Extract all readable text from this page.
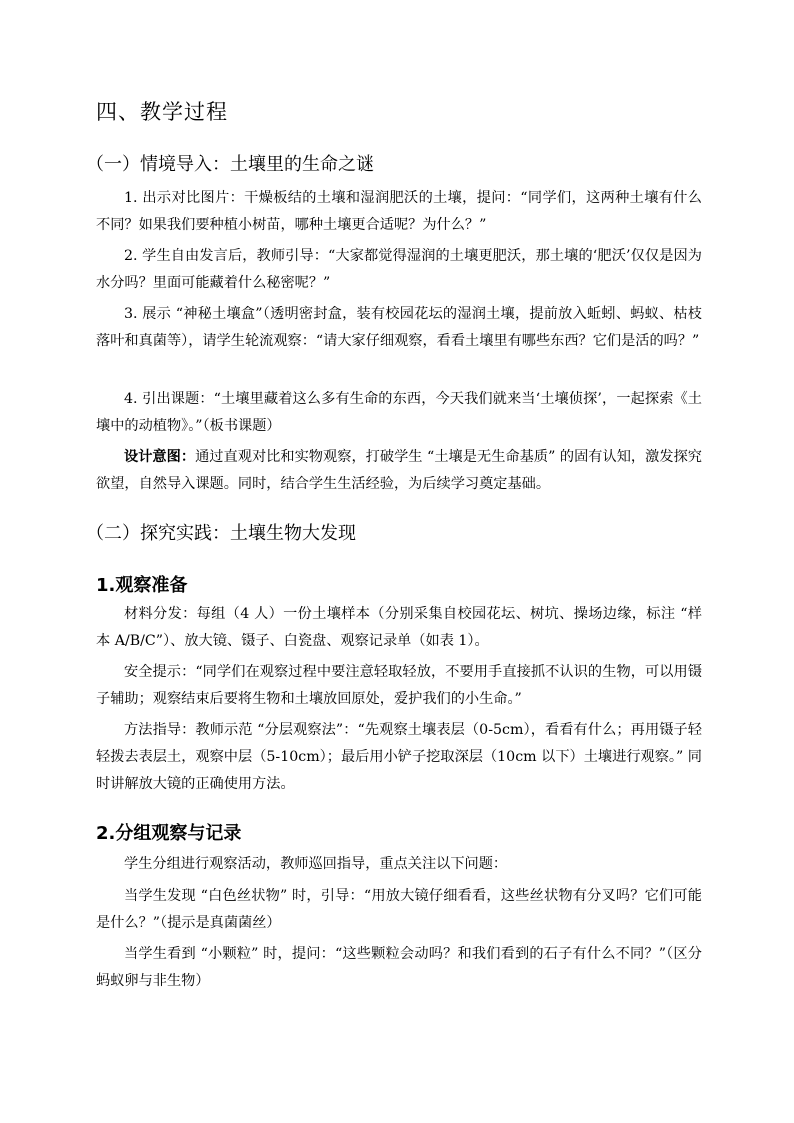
四、教学过程
（一）情境导入：土壤里的生命之谜

1. 出示对比图片：干燥板结的土壤和湿润肥沃的土壤，提问：“同学们，这两种土壤有什么不同？如果我们要种植小树苗，哪种土壤更合适呢？为什么？”

2. 学生自由发言后，教师引导：“大家都觉得湿润的土壤更肥沃，那土壤的‘肥沃’仅仅是因为水分吗？里面可能藏着什么秘密呢？”

3. 展示 “神秘土壤盒”（透明密封盒，装有校园花坛的湿润土壤，提前放入蚯蚓、蚂蚁、枯枝落叶和真菌等），请学生轮流观察：“请大家仔细观察，看看土壤里有哪些东西？它们是活的吗？”

4. 引出课题：“土壤里藏着这么多有生命的东西，今天我们就来当‘土壤侦探’，一起探索《土壤中的动植物》。”（板书课题）

设计意图：通过直观对比和实物观察，打破学生 “土壤是无生命基质” 的固有认知，激发探究欲望，自然导入课题。同时，结合学生生活经验，为后续学习奠定基础。

（二）探究实践：土壤生物大发现
1.观察准备

材料分发：每组（4 人）一份土壤样本（分别采集自校园花坛、树坑、操场边缘，标注 “样本 A/B/C”）、放大镜、镊子、白瓷盘、观察记录单（如表 1）。

安全提示：“同学们在观察过程中要注意轻取轻放，不要用手直接抓不认识的生物，可以用镊子辅助；观察结束后要将生物和土壤放回原处，爱护我们的小生命。”

方法指导：教师示范 “分层观察法”：“先观察土壤表层（0-5cm），看看有什么；再用镊子轻轻拨去表层土，观察中层（5-10cm）；最后用小铲子挖取深层（10cm 以下）土壤进行观察。” 同时讲解放大镜的正确使用方法。

2.分组观察与记录

学生分组进行观察活动，教师巡回指导，重点关注以下问题：

当学生发现 “白色丝状物” 时，引导：“用放大镜仔细看看，这些丝状物有分叉吗？它们可能是什么？”（提示是真菌菌丝）

当学生看到 “小颗粒” 时，提问：“这些颗粒会动吗？和我们看到的石子有什么不同？”（区分蚂蚁卵与非生物）
